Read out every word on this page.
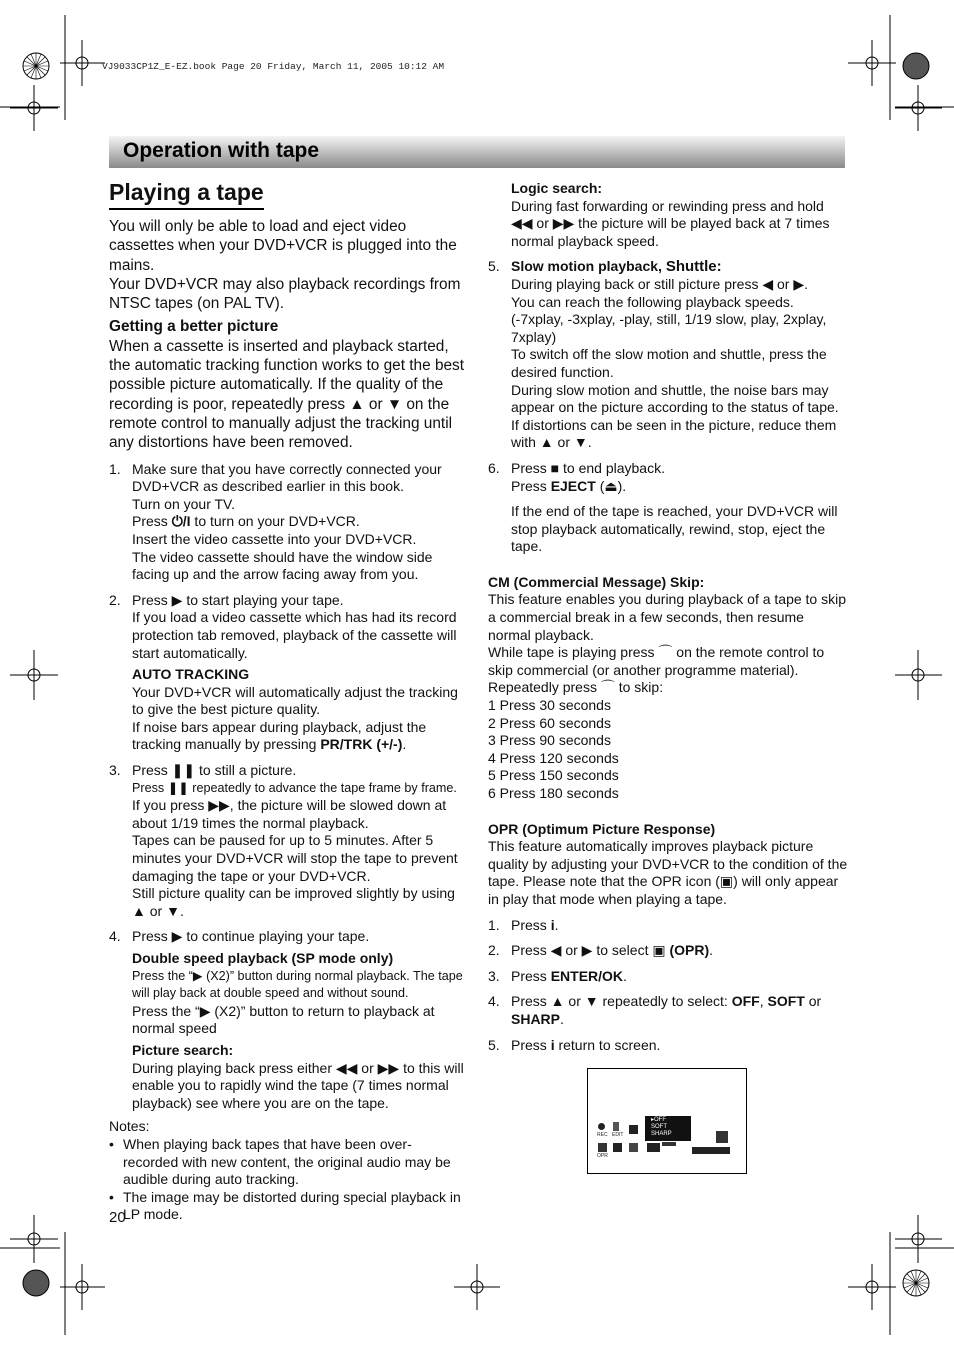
VJ9033CP1Z_E-EZ.book Page 20 Friday, March 11, 2005 10:12 AM
Operation with tape
Playing a tape

You will only be able to load and eject video cassettes when your DVD+VCR is plugged into the mains.

Your DVD+VCR may also playback recordings from NTSC tapes (on PAL TV).

Getting a better picture

When a cassette is inserted and playback started, the automatic tracking function works to get the best possible picture automatically. If the quality of the recording is poor, repeatedly press ▲ or ▼ on the remote control to manually adjust the tracking until any distortions have been removed.

1. Make sure that you have correctly connected your DVD+VCR as described earlier in this book.

Turn on your TV.

Press ⏻/I to turn on your DVD+VCR.

Insert the video cassette into your DVD+VCR.

The video cassette should have the window side facing up and the arrow facing away from you.

2. Press ▶ to start playing your tape.

If you load a video cassette which has had its record protection tab removed, playback of the cassette will start automatically.

AUTO TRACKING

Your DVD+VCR will automatically adjust the tracking to give the best picture quality.

If noise bars appear during playback, adjust the tracking manually by pressing PR/TRK (+/-).

3. Press ❚❚ to still a picture.

Press ❚❚ repeatedly to advance the tape frame by frame.

If you press ▶▶, the picture will be slowed down at about 1/19 times the normal playback.

Tapes can be paused for up to 5 minutes. After 5 minutes your DVD+VCR will stop the tape to prevent damaging the tape or your DVD+VCR.

Still picture quality can be improved slightly by using ▲ or ▼.

4. Press ▶ to continue playing your tape.

Double speed playback (SP mode only)

Press the “▶ (X2)” button during normal playback. The tape will play back at double speed and without sound.

Press the “▶ (X2)” button to return to playback at normal speed

Picture search:

During playing back press either ◀◀ or ▶▶ to this will enable you to rapidly wind the tape (7 times normal playback) see where you are on the tape.

Notes:

• When playing back tapes that have been over-recorded with new content, the original audio may be audible during auto tracking.
• The image may be distorted during special playback in LP mode.

Logic search:

During fast forwarding or rewinding press and hold ◀◀ or ▶▶ the picture will be played back at 7 times normal playback speed.

5. Slow motion playback, Shuttle:

During playing back or still picture press ◀ or ▶.

You can reach the following playback speeds.

(-7xplay, -3xplay, -play, still, 1/19 slow, play, 2xplay, 7xplay)

To switch off the slow motion and shuttle, press the desired function.

During slow motion and shuttle, the noise bars may appear on the picture according to the status of tape. If distortions can be seen in the picture, reduce them with ▲ or ▼.

6. Press ■ to end playback.

Press EJECT (⏏).

If the end of the tape is reached, your DVD+VCR will stop playback automatically, rewind, stop, eject the tape.

CM (Commercial Message) Skip:

This feature enables you during playback of a tape to skip a commercial break in a few seconds, then resume normal playback.

While tape is playing press ⌒ on the remote control to skip commercial (or another programme material).

Repeatedly press ⌒ to skip:

1 Press 30 seconds

2 Press 60 seconds

3 Press 90 seconds

4 Press 120 seconds

5 Press 150 seconds

6 Press 180 seconds

OPR (Optimum Picture Response)

This feature automatically improves playback picture quality by adjusting your DVD+VCR to the condition of the tape. Please note that the OPR icon (▣) will only appear in play that mode when playing a tape.

1. Press i.
2. Press ◀ or ▶ to select ▣ (OPR).
3. Press ENTER/OK.
4. Press ▲ or ▼ repeatedly to select: OFF, SOFT or SHARP.
5. Press i return to screen.
REC EDIT
OPR
▸OFF
SOFT
SHARP
20
